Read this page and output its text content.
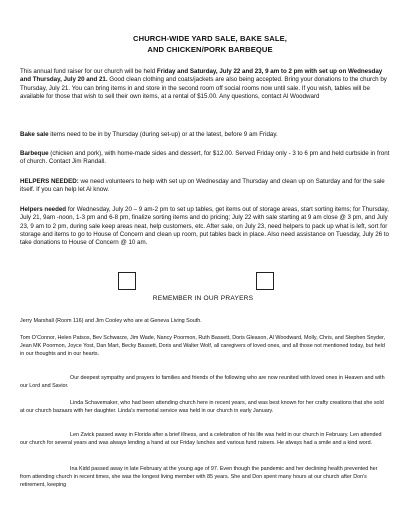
CHURCH-WIDE YARD SALE, BAKE SALE,
AND CHICKEN/PORK BARBEQUE
This annual fund raiser for our church will be held Friday and Saturday, July 22 and 23, 9 am to 2 pm with set up on Wednesday and Thursday, July 20 and 21. Good clean clothing and coats/jackets are also being accepted. Bring your donations to the church by Thursday, July 21. You can bring items in and store in the second room off social rooms now until sale. If you wish, tables will be available for those that wish to sell their own items, at a rental of $15.00. Any questions, contact Al Woodward
Bake sale items need to be in by Thursday (during set-up) or at the latest, before 9 am Friday.
Barbeque (chicken and pork), with home-made sides and dessert, for $12.00. Served Friday only - 3 to 6 pm and held curbside in front of church. Contact Jim Randall.
HELPERS NEEDED: we need volunteers to help with set up on Wednesday and Thursday and clean up on Saturday and for the sale itself. If you can help let Al know.
Helpers needed for Wednesday, July 20 – 9 am-2 pm to set up tables, get items out of storage areas, start sorting items; for Thursday, July 21, 9am -noon, 1-3 pm and 6-8 pm, finalize sorting items and do pricing; July 22 with sale starting at 9 am close @ 3 pm, and July 23, 9 am to 2 pm, during sale keep areas neat, help customers, etc. After sale, on July 23, need helpers to pack up what is left, sort for storage and items to go to House of Concern and clean up room, put tables back in place. Also need assistance on Tuesday, July 26 to take donations to House of Concern @ 10 am.
REMEMBER IN OUR PRAYERS
Jerry Marshall (Room 116) and Jim Cooley who are at Geneva Living South.
Tom O’Connor, Helen Patsos, Bev Schwarze, Jim Wade, Nancy Poormon, Ruth Bassett, Doris Gleason, Al Woodward, Molly, Chris, and Stephen Snyder, Jean MK Poormon, Joyce Yost, Dan Mart, Becky Bassett, Doris and Walter Wolf, all caregivers of loved ones, and all those not mentioned today, but held in our thoughts and in our hearts.
Our deepest sympathy and prayers to families and friends of the following who are now reunited with loved ones in Heaven and with our Lord and Savior.
Linda Schavemaker, who had been attending church here in recent years, and was best known for her crafty creations that she sold at our church bazaars with her daughter. Linda’s memorial service was held in our church in early January.
Len Zwick passed away in Florida after a brief illness, and a celebration of his life was held in our church in February. Len attended our church for several years and was always lending a hand at our Friday lunches and various fund raisers. He always had a smile and a kind word.
Ina Kidd passed away in late February at the young age of 97. Even though the pandemic and her declining health prevented her from attending church in recent times, she was the longest living member with 85 years. She and Don spent many hours at our church after Don’s retirement, keeping
